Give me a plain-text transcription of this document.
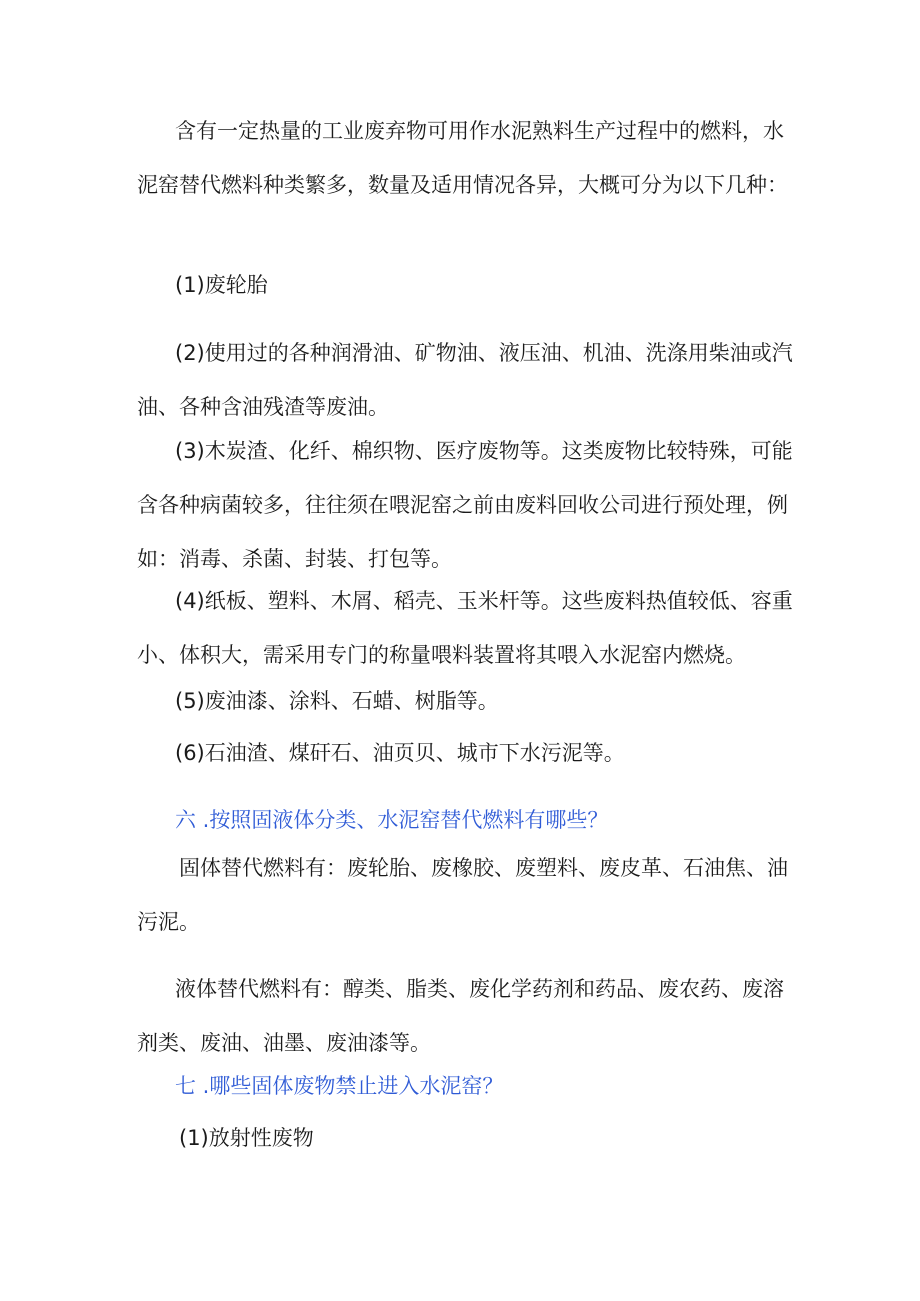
含有一定热量的工业废弃物可用作水泥熟料生产过程中的燃料，水泥窑替代燃料种类繁多，数量及适用情况各异，大概可分为以下几种：

(1)废轮胎

(2)使用过的各种润滑油、矿物油、液压油、机油、洗涤用柴油或汽油、各种含油残渣等废油。

(3)木炭渣、化纤、棉织物、医疗废物等。这类废物比较特殊，可能含各种病菌较多，往往须在喂泥窑之前由废料回收公司进行预处理，例如：消毒、杀菌、封装、打包等。

(4)纸板、塑料、木屑、稻壳、玉米杆等。这些废料热值较低、容重小、体积大，需采用专门的称量喂料装置将其喂入水泥窑内燃烧。

(5)废油漆、涂料、石蜡、树脂等。

(6)石油渣、煤矸石、油页贝、城市下水污泥等。

六 .按照固液体分类、水泥窑替代燃料有哪些？

固体替代燃料有：废轮胎、废橡胶、废塑料、废皮革、石油焦、油污泥。

液体替代燃料有：醇类、脂类、废化学药剂和药品、废农药、废溶剂类、废油、油墨、废油漆等。

七 .哪些固体废物禁止进入水泥窑？

(1)放射性废物
